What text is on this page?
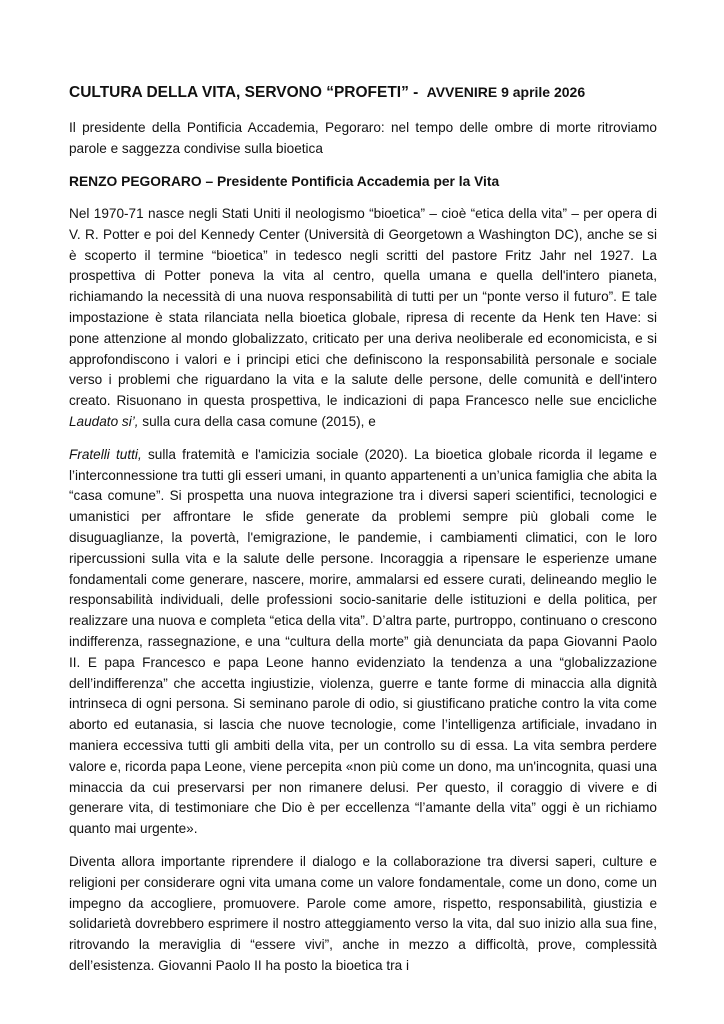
CULTURA DELLA VITA, SERVONO “PROFETI” - AVVENIRE 9 aprile 2026

Il presidente della Pontificia Accademia, Pegoraro: nel tempo delle ombre di morte ritroviamo parole e saggezza condivise sulla bioetica

RENZO PEGORARO – Presidente Pontificia Accademia per la Vita

Nel 1970-71 nasce negli Stati Uniti il neologismo “bioetica” – cioè “etica della vita” – per opera di V. R. Potter e poi del Kennedy Center (Università di Georgetown a Washington DC), anche se si è scoperto il termine “bioetica” in tedesco negli scritti del pastore Fritz Jahr nel 1927. La prospettiva di Potter poneva la vita al centro, quella umana e quella dell'intero pianeta, richiamando la necessità di una nuova responsabilità di tutti per un “ponte verso il futuro”. E tale impostazione è stata rilanciata nella bioetica globale, ripresa di recente da Henk ten Have: si pone attenzione al mondo globalizzato, criticato per una deriva neoliberale ed economicista, e si approfondiscono i valori e i principi etici che definiscono la responsabilità personale e sociale verso i problemi che riguardano la vita e la salute delle persone, delle comunità e dell'intero creato. Risuonano in questa prospettiva, le indicazioni di papa Francesco nelle sue encicliche Laudato si’, sulla cura della casa comune (2015), e

Fratelli tutti, sulla fratemità e l'amicizia sociale (2020). La bioetica globale ricorda il legame e l’interconnessione tra tutti gli esseri umani, in quanto appartenenti a un’unica famiglia che abita la “casa comune”. Si prospetta una nuova integrazione tra i diversi saperi scientifici, tecnologici e umanistici per affrontare le sfide generate da problemi sempre più globali come le disuguaglianze, la povertà, l'emigrazione, le pandemie, i cambiamenti climatici, con le loro ripercussioni sulla vita e la salute delle persone. Incoraggia a ripensare le esperienze umane fondamentali come generare, nascere, morire, ammalarsi ed essere curati, delineando meglio le responsabilità individuali, delle professioni socio-sanitarie delle istituzioni e della politica, per realizzare una nuova e completa “etica della vita”. D’altra parte, purtroppo, continuano o crescono indifferenza, rassegnazione, e una “cultura della morte” già denunciata da papa Giovanni Paolo II. E papa Francesco e papa Leone hanno evidenziato la tendenza a una “globalizzazione dell’indifferenza” che accetta ingiustizie, violenza, guerre e tante forme di minaccia alla dignità intrinseca di ogni persona. Si seminano parole di odio, si giustificano pratiche contro la vita come aborto ed eutanasia, si lascia che nuove tecnologie, come l’intelligenza artificiale, invadano in maniera eccessiva tutti gli ambiti della vita, per un controllo su di essa. La vita sembra perdere valore e, ricorda papa Leone, viene percepita «non più come un dono, ma un'incognita, quasi una minaccia da cui preservarsi per non rimanere delusi. Per questo, il coraggio di vivere e di generare vita, di testimoniare che Dio è per eccellenza “l’amante della vita” oggi è un richiamo quanto mai urgente».

Diventa allora importante riprendere il dialogo e la collaborazione tra diversi saperi, culture e religioni per considerare ogni vita umana come un valore fondamentale, come un dono, come un impegno da accogliere, promuovere. Parole come amore, rispetto, responsabilità, giustizia e solidarietà dovrebbero esprimere il nostro atteggiamento verso la vita, dal suo inizio alla sua fine, ritrovando la meraviglia di “essere vivi”, anche in mezzo a difficoltà, prove, complessità dell’esistenza. Giovanni Paolo II ha posto la bioetica tra i
